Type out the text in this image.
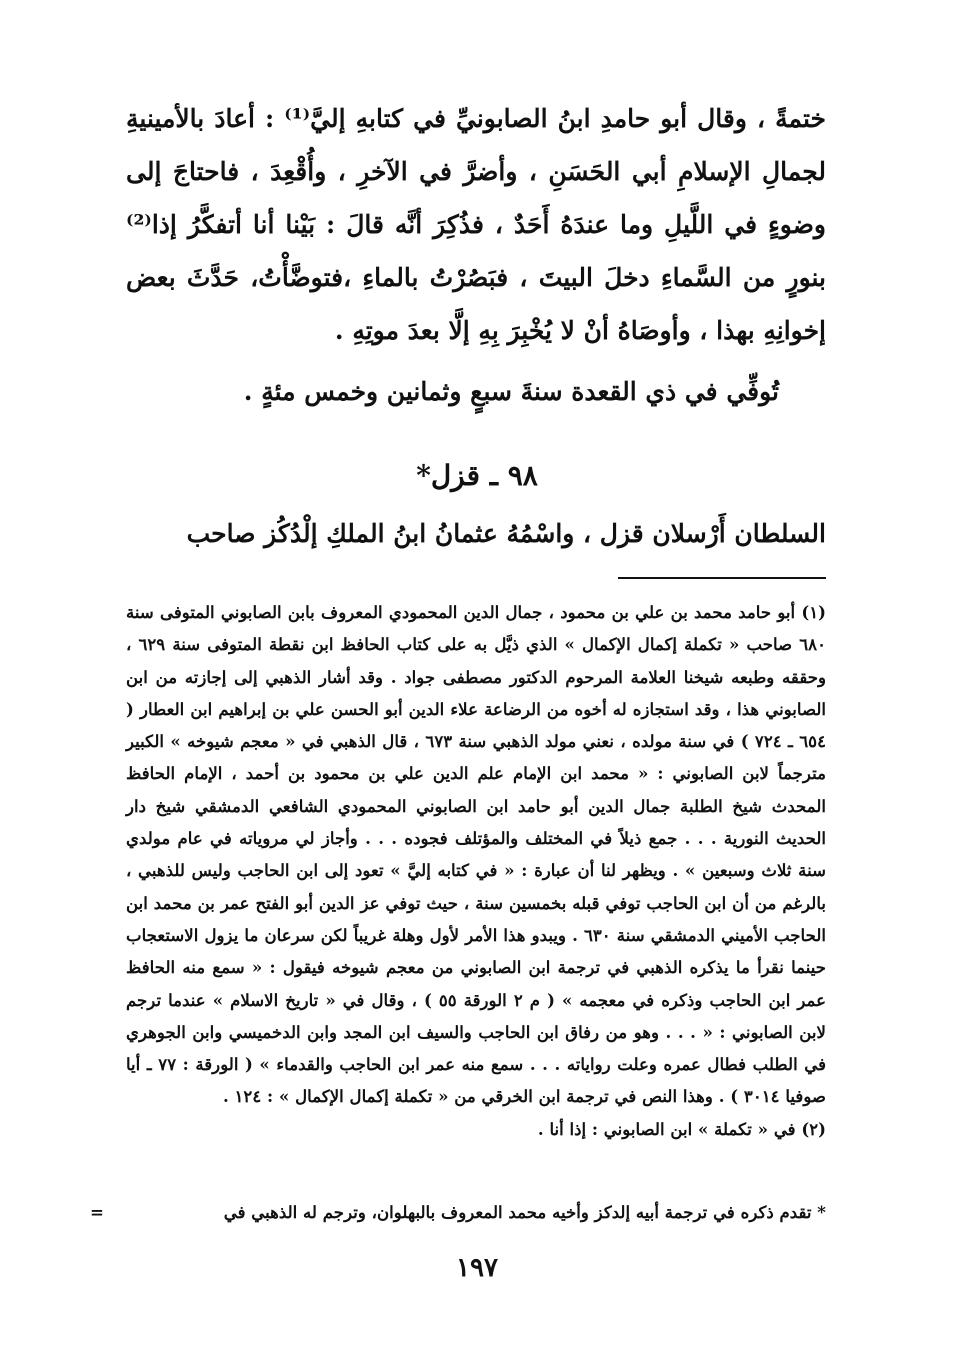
ختمةً ، وقال أبو حامدِ ابنُ الصابونيِّ في كتابهِ إليَّ⁽¹⁾ : أعادَ بالأمينيةِ لجمالِ الإسلامِ أبي الحَسَنِ ، وأضرَّ في الآخرِ ، وأُقْعِدَ ، فاحتاجَ إلى وضوءٍ في اللَّيلِ وما عندَهُ أَحَدٌ ، فذُكِرَ أنَّه قالَ : بَيْنا أنا أتفكَّرُ إذا⁽²⁾ بنورٍ من السَّماءِ دخلَ البيتَ ، فبَصُرْتُ بالماءِ ،فتوضَّأْتُ، حَدَّثَ بعض إخوانِهِ بهذا ، وأوصَاهُ أنْ لا يُخْبِرَ بِهِ إلَّا بعدَ موتِهِ .

تُوفِّي في ذي القعدة سنةَ سبعٍ وثمانين وخمس مئةٍ .
٩٨ ـ قزل*
السلطان أَرْسلان قزل ، واسْمُهُ عثمانُ ابنُ الملكِ إلْدُكُز صاحب

(١) أبو حامد محمد بن علي بن محمود ، جمال الدين المحمودي المعروف بابن الصابوني المتوفى سنة ٦٨٠ صاحب « تكملة إكمال الإكمال » الذي ذيَّل به على كتاب الحافظ ابن نقطة المتوفى سنة ٦٢٩ ، وحققه وطبعه شيخنا العلامة المرحوم الدكتور مصطفى جواد . وقد أشار الذهبي إلى إجازته من ابن الصابوني هذا ، وقد استجازه له أخوه من الرضاعة علاء الدين أبو الحسن علي بن إبراهيم ابن العطار ( ٦٥٤ ـ ٧٢٤ ) في سنة مولده ، نعني مولد الذهبي سنة ٦٧٣ ، قال الذهبي في « معجم شيوخه » الكبير مترجماً لابن الصابوني : « محمد ابن الإمام علم الدين علي بن محمود بن أحمد ، الإمام الحافظ المحدث شيخ الطلبة جمال الدين أبو حامد ابن الصابوني المحمودي الشافعي الدمشقي شيخ دار الحديث النورية . . . جمع ذيلاً في المختلف والمؤتلف فجوده . . . وأجاز لي مروياته في عام مولدي سنة ثلاث وسبعين » . ويظهر لنا أن عبارة : « في كتابه إليَّ » تعود إلى ابن الحاجب وليس للذهبي ، بالرغم من أن ابن الحاجب توفي قبله بخمسين سنة ، حيث توفي عز الدين أبو الفتح عمر بن محمد ابن الحاجب الأميني الدمشقي سنة ٦٣٠ . ويبدو هذا الأمر لأول وهلة غريباً لكن سرعان ما يزول الاستعجاب حينما نقرأ ما يذكره الذهبي في ترجمة ابن الصابوني من معجم شيوخه فيقول : « سمع منه الحافظ عمر ابن الحاجب وذكره في معجمه » ( م ٢ الورقة ٥٥ ) ، وقال في « تاريخ الاسلام » عندما ترجم لابن الصابوني : « . . . وهو من رفاق ابن الحاجب والسيف ابن المجد وابن الدخميسي وابن الجوهري في الطلب فطال عمره وعلت رواياته . . . سمع منه عمر ابن الحاجب والقدماء » ( الورقة : ٧٧ ـ أيا صوفيا ٣٠١٤ ) . وهذا النص في ترجمة ابن الخرقي من « تكملة إكمال الإكمال » : ١٢٤ .

(٢) في « تكملة » ابن الصابوني : إذا أنا .

* تقدم ذكره في ترجمة أبيه إلدكز وأخيه محمد المعروف بالبهلوان، وترجم له الذهبي في
=
١٩٧
